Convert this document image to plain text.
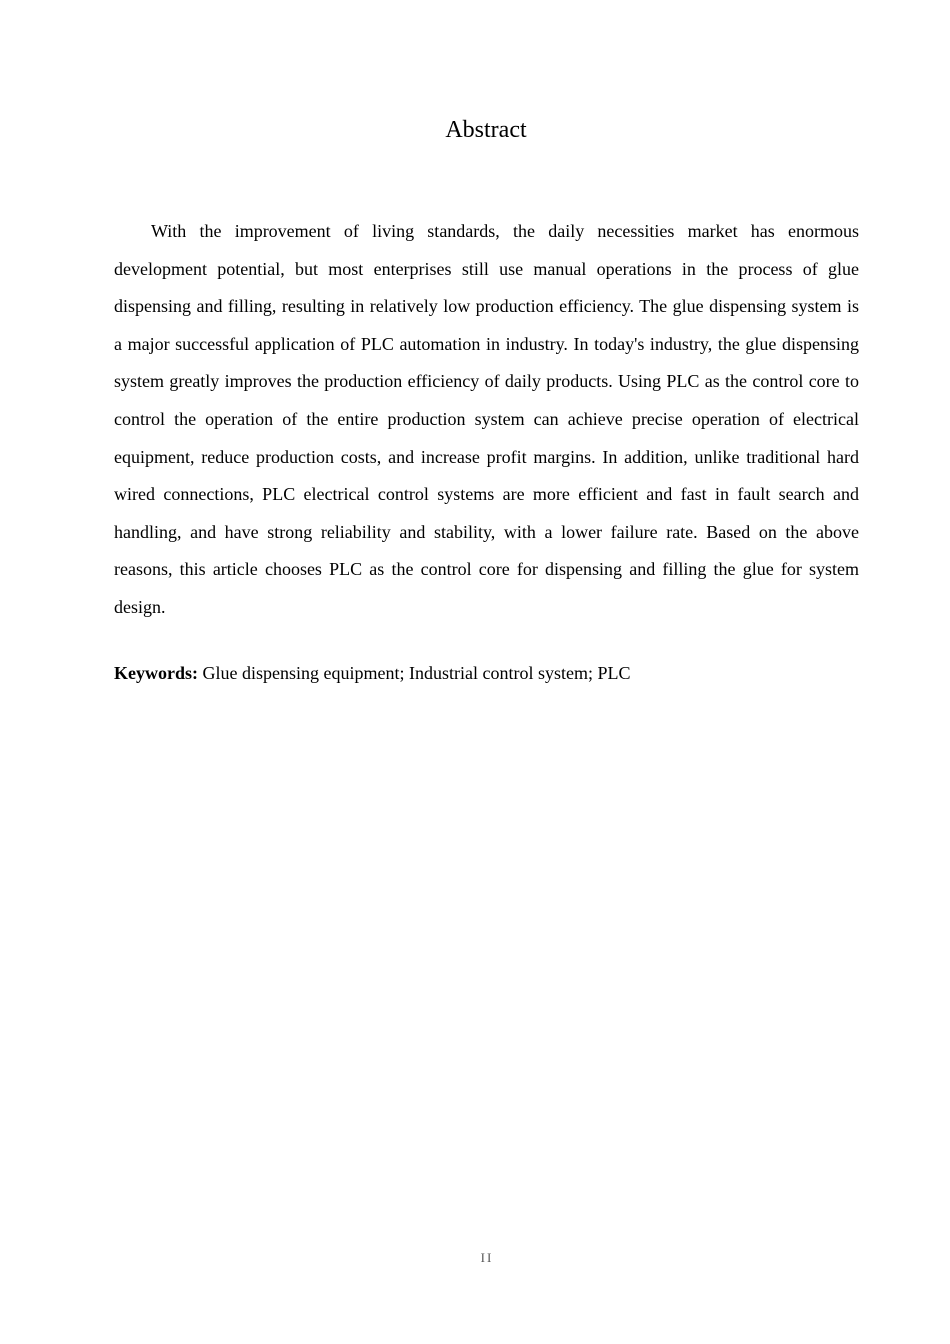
Abstract

With the improvement of living standards, the daily necessities market has enormous development potential, but most enterprises still use manual operations in the process of glue dispensing and filling, resulting in relatively low production efficiency. The glue dispensing system is a major successful application of PLC automation in industry. In today's industry, the glue dispensing system greatly improves the production efficiency of daily products. Using PLC as the control core to control the operation of the entire production system can achieve precise operation of electrical equipment, reduce production costs, and increase profit margins. In addition, unlike traditional hard wired connections, PLC electrical control systems are more efficient and fast in fault search and handling, and have strong reliability and stability, with a lower failure rate. Based on the above reasons, this article chooses PLC as the control core for dispensing and filling the glue for system design.

Keywords: Glue dispensing equipment; Industrial control system; PLC

II
